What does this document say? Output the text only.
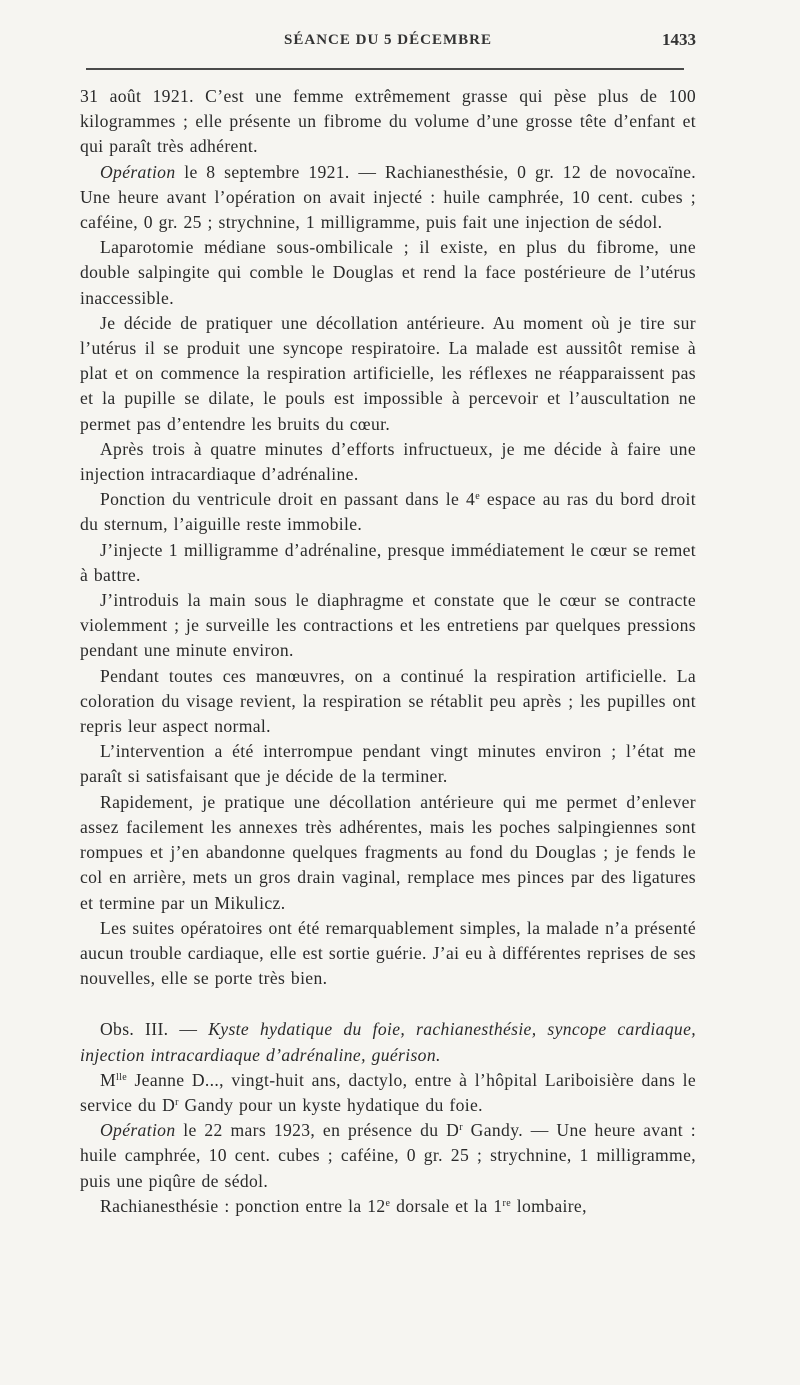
SÉANCE DU 5 DÉCEMBRE	1433

31 août 1921. C’est une femme extrêmement grasse qui pèse plus de 100 kilogrammes ; elle présente un fibrome du volume d’une grosse tête d’enfant et qui paraît très adhérent.

Opération le 8 septembre 1921. — Rachianesthésie, 0 gr. 12 de novocaïne. Une heure avant l’opération on avait injecté : huile camphrée, 10 cent. cubes ; caféine, 0 gr. 25 ; strychnine, 1 milligramme, puis fait une injection de sédol.

Laparotomie médiane sous-ombilicale ; il existe, en plus du fibrome, une double salpingite qui comble le Douglas et rend la face postérieure de l’utérus inaccessible.

Je décide de pratiquer une décollation antérieure. Au moment où je tire sur l’utérus il se produit une syncope respiratoire. La malade est aussitôt remise à plat et on commence la respiration artificielle, les réflexes ne réapparaissent pas et la pupille se dilate, le pouls est impossible à percevoir et l’auscultation ne permet pas d’entendre les bruits du cœur.

Après trois à quatre minutes d’efforts infructueux, je me décide à faire une injection intracardiaque d’adrénaline.

Ponction du ventricule droit en passant dans le 4e espace au ras du bord droit du sternum, l’aiguille reste immobile.

J’injecte 1 milligramme d’adrénaline, presque immédiatement le cœur se remet à battre.

J’introduis la main sous le diaphragme et constate que le cœur se contracte violemment ; je surveille les contractions et les entretiens par quelques pressions pendant une minute environ.

Pendant toutes ces manœuvres, on a continué la respiration artificielle. La coloration du visage revient, la respiration se rétablit peu après ; les pupilles ont repris leur aspect normal.

L’intervention a été interrompue pendant vingt minutes environ ; l’état me paraît si satisfaisant que je décide de la terminer.

Rapidement, je pratique une décollation antérieure qui me permet d’enlever assez facilement les annexes très adhérentes, mais les poches salpingiennes sont rompues et j’en abandonne quelques fragments au fond du Douglas ; je fends le col en arrière, mets un gros drain vaginal, remplace mes pinces par des ligatures et termine par un Mikulicz.

Les suites opératoires ont été remarquablement simples, la malade n’a présenté aucun trouble cardiaque, elle est sortie guérie. J’ai eu à différentes reprises de ses nouvelles, elle se porte très bien.

Obs. III. — Kyste hydatique du foie, rachianesthésie, syncope cardiaque, injection intracardiaque d’adrénaline, guérison.

$M^{lle}$ Jeanne D..., vingt-huit ans, dactylo, entre à l’hôpital Lariboisière dans le service du $D^r$ Gandy pour un kyste hydatique du foie.

Opération le 22 mars 1923, en présence du $D^r$ Gandy. — Une heure avant : huile camphrée, 10 cent. cubes ; caféine, 0 gr. 25 ; strychnine, 1 milligramme, puis une piqûre de sédol.

Rachianesthésie : ponction entre la 12e dorsale et la 1re lombaire,
